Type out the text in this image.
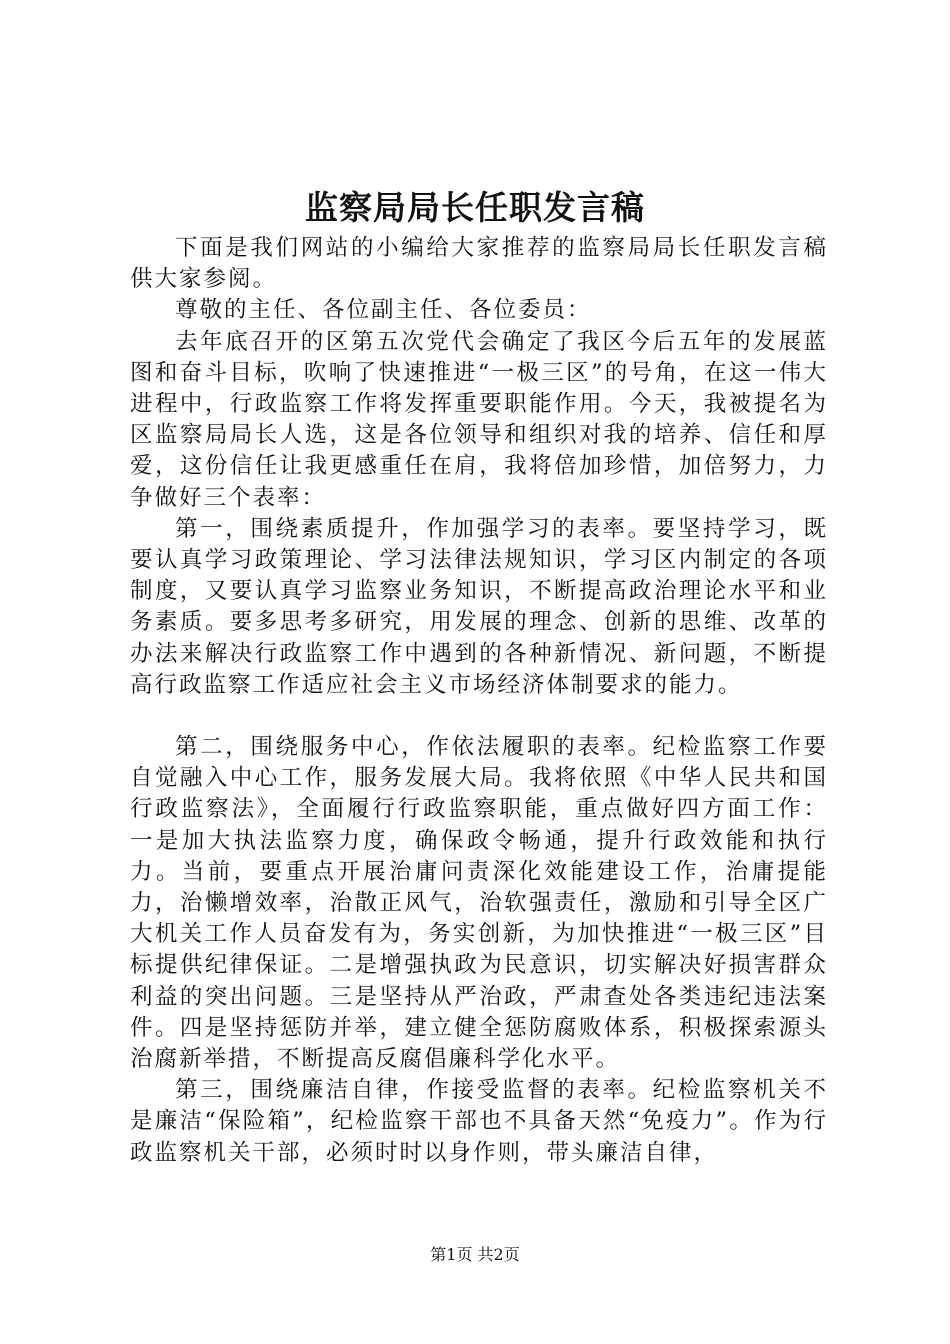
监察局局长任职发言稿

下面是我们网站的小编给大家推荐的监察局局长任职发言稿供大家参阅。

尊敬的主任、各位副主任、各位委员：

去年底召开的区第五次党代会确定了我区今后五年的发展蓝图和奋斗目标，吹响了快速推进“一极三区”的号角，在这一伟大进程中，行政监察工作将发挥重要职能作用。今天，我被提名为区监察局局长人选，这是各位领导和组织对我的培养、信任和厚爱，这份信任让我更感重任在肩，我将倍加珍惜，加倍努力，力争做好三个表率：

第一，围绕素质提升，作加强学习的表率。要坚持学习，既要认真学习政策理论、学习法律法规知识，学习区内制定的各项制度，又要认真学习监察业务知识，不断提高政治理论水平和业务素质。要多思考多研究，用发展的理念、创新的思维、改革的办法来解决行政监察工作中遇到的各种新情况、新问题，不断提高行政监察工作适应社会主义市场经济体制要求的能力。

第二，围绕服务中心，作依法履职的表率。纪检监察工作要自觉融入中心工作，服务发展大局。我将依照《中华人民共和国行政监察法》，全面履行行政监察职能，重点做好四方面工作：一是加大执法监察力度，确保政令畅通，提升行政效能和执行力。当前，要重点开展治庸问责深化效能建设工作，治庸提能力，治懒增效率，治散正风气，治软强责任，激励和引导全区广大机关工作人员奋发有为，务实创新，为加快推进“一极三区”目标提供纪律保证。二是增强执政为民意识，切实解决好损害群众利益的突出问题。三是坚持从严治政，严肃查处各类违纪违法案件。四是坚持惩防并举，建立健全惩防腐败体系，积极探索源头治腐新举措，不断提高反腐倡廉科学化水平。

第三，围绕廉洁自律，作接受监督的表率。纪检监察机关不是廉洁“保险箱”，纪检监察干部也不具备天然“免疫力”。作为行政监察机关干部，必须时时以身作则，带头廉洁自律，

第1页 共2页
